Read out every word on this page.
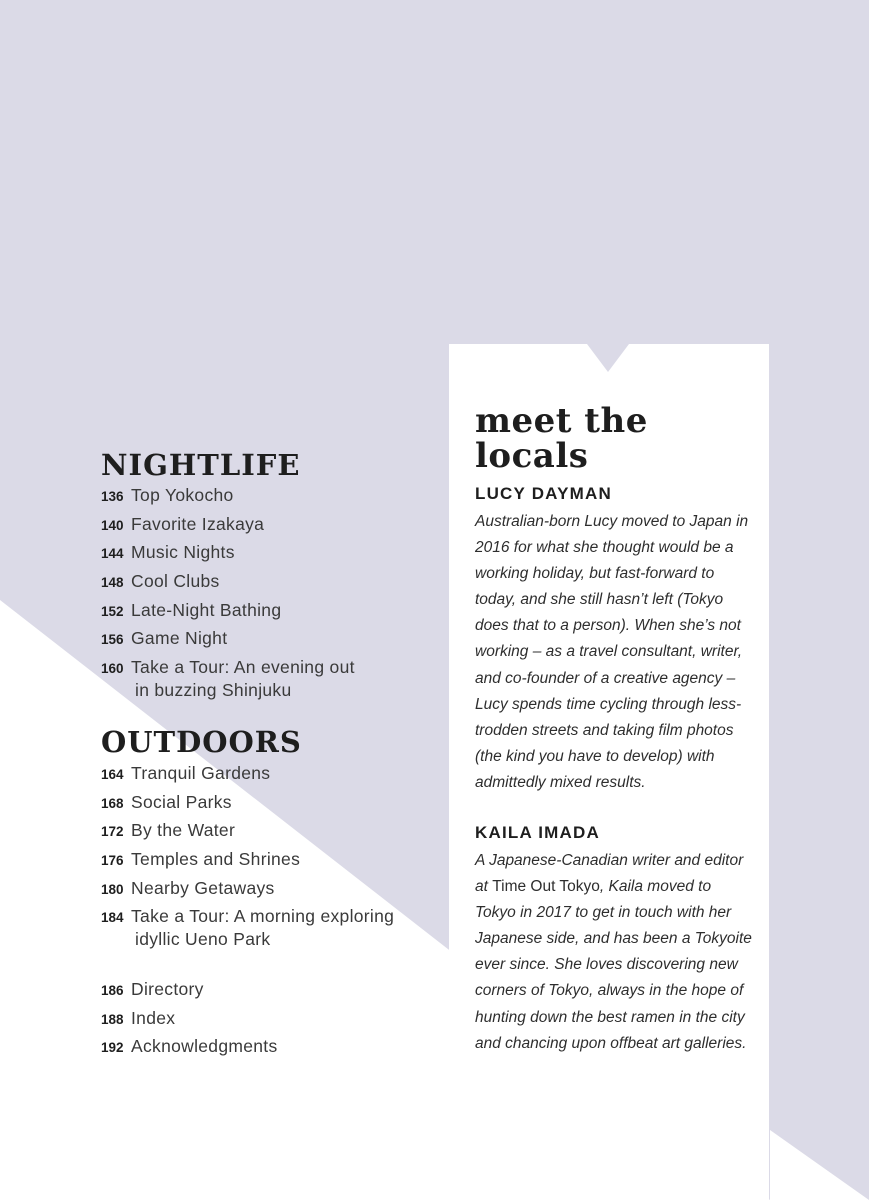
NIGHTLIFE
136 Top Yokocho
140 Favorite Izakaya
144 Music Nights
148 Cool Clubs
152 Late-Night Bathing
156 Game Night
160 Take a Tour: An evening out
in buzzing Shinjuku
OUTDOORS
164 Tranquil Gardens
168 Social Parks
172 By the Water
176 Temples and Shrines
180 Nearby Getaways
184 Take a Tour: A morning exploring
idyllic Ueno Park
186 Directory
188 Index
192 Acknowledgments
meet the
locals
LUCY DAYMAN

Australian-born Lucy moved to Japan in 2016 for what she thought would be a working holiday, but fast-forward to today, and she still hasn’t left (Tokyo does that to a person). When she’s not working – as a travel consultant, writer, and co-founder of a creative agency – Lucy spends time cycling through less-trodden streets and taking film photos (the kind you have to develop) with admittedly mixed results.

KAILA IMADA

A Japanese-Canadian writer and editor at Time Out Tokyo, Kaila moved to Tokyo in 2017 to get in touch with her Japanese side, and has been a Tokyoite ever since. She loves discovering new corners of Tokyo, always in the hope of hunting down the best ramen in the city and chancing upon offbeat art galleries.
